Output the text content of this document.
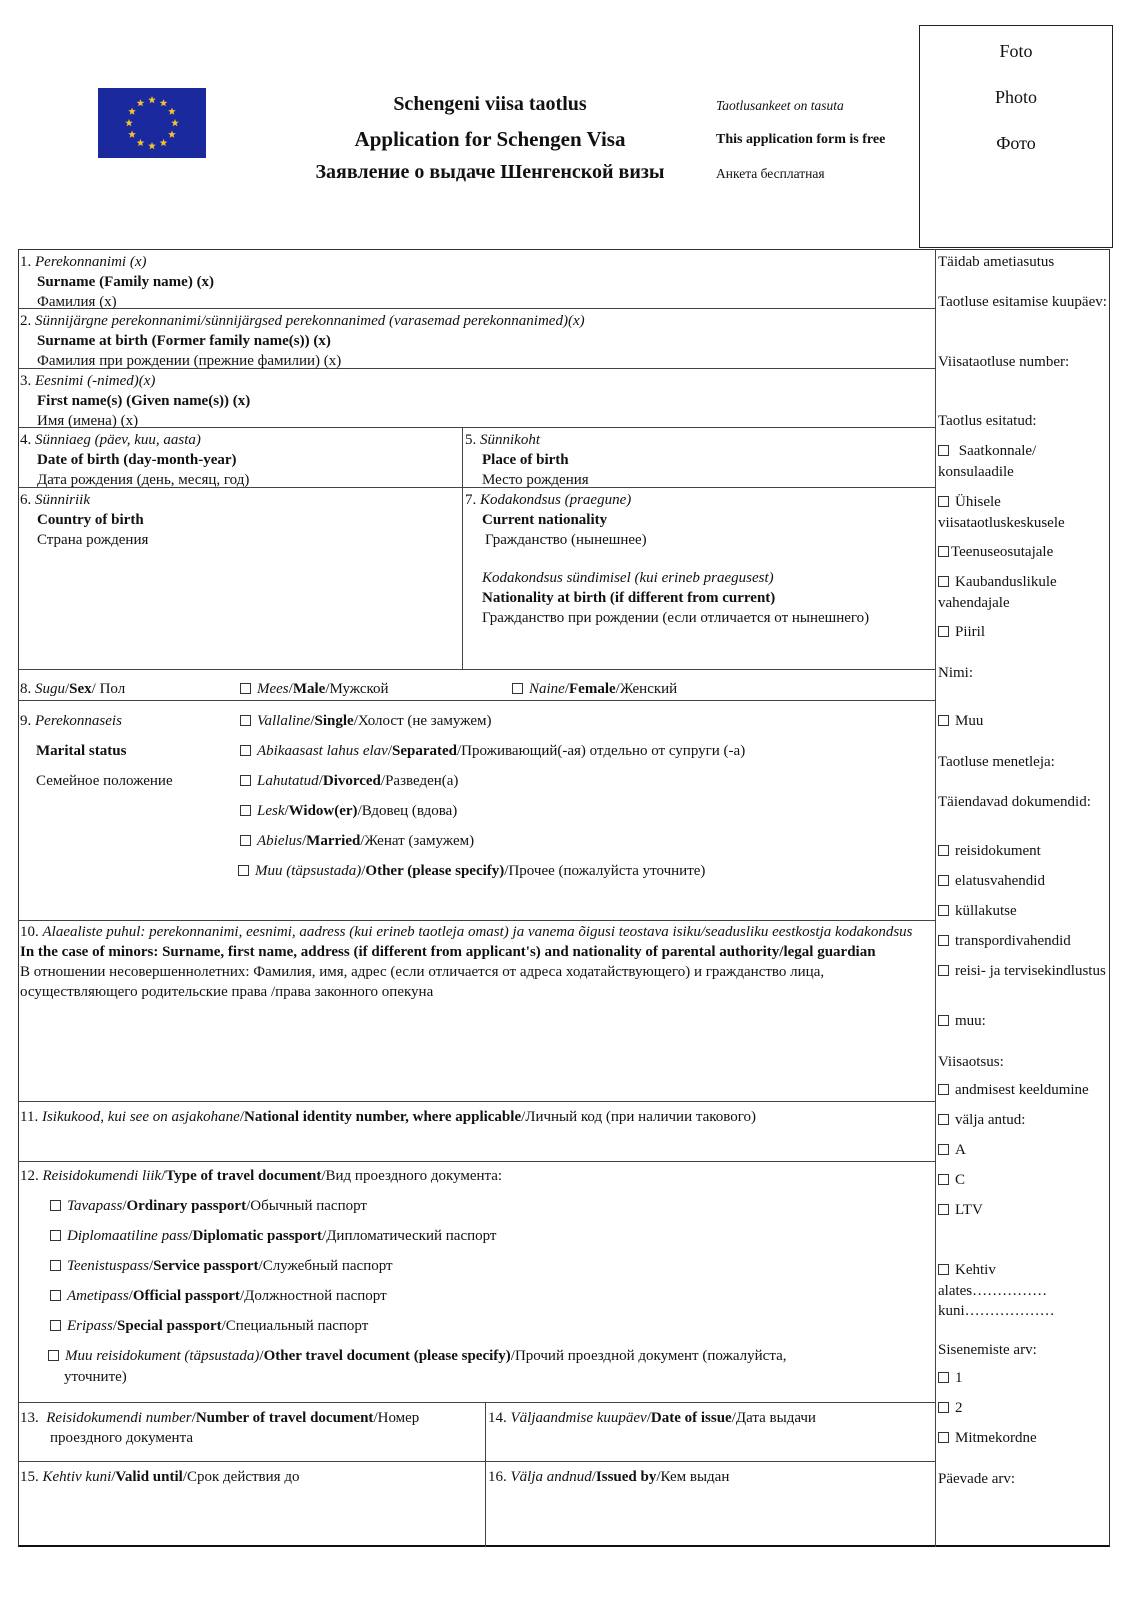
Schengeni viisa taotlus
Application for Schengen Visa
Заявление о выдаче Шенгенской визы
Taotlusankeet on tasuta
This application form is free
Анкета бесплатная
Foto
Photo
Фото
1. Perekonnanimi (x)
Surname (Family name) (x)
Фамилия (x)
2. Sünnijärgne perekonnanimi/sünnijärgsed perekonnanimed (varasemad perekonnanimed)(x)
Surname at birth (Former family name(s)) (x)
Фамилия при рождении (прежние фамилии) (x)
3. Eesnimi (-nimed)(x)
First name(s) (Given name(s)) (x)
Имя (имена) (x)
4. Sünniaeg (päev, kuu, aasta)
Date of birth (day-month-year)
Дата рождения (день, месяц, год)
5. Sünnikoht
Place of birth
Место рождения
6. Sünniriik
Country of birth
Страна рождения
7. Kodakondsus (praegune)
Current nationality
Гражданство (нынешнее)
Kodakondsus sündimisel (kui erineb praegusest)
Nationality at birth (if different from current)
Гражданство при рождении (если отличается от нынешнего)
8. Sugu/Sex/ Пол	Mees/Male/Мужской	Naine/Female/Женский
9. Perekonnaseis
Marital status
Семейное положение
Vallaline/Single/Холост (не замужем)
Abikaasast lahus elav/Separated/Проживающий(-ая) отдельно от супруги (-а)
Lahutatud/Divorced/Разведен(а)
Lesk/Widow(er)/Вдовец (вдова)
Abielus/Married/Женат (замужем)
Muu (täpsustada)/Other (please specify)/Прочее (пожалуйста уточните)
10. Alaealiste puhul: perekonnanimi, eesnimi, aadress (kui erineb taotleja omast) ja vanema õigusi teostava isiku/seadusliku eestkostja kodakondsus
In the case of minors: Surname, first name, address (if different from applicant's) and nationality of parental authority/legal guardian
В отношении несовершеннолетних: Фамилия, имя, адрес (если отличается от адреса ходатайствующего) и гражданство лица, осуществляющего родительские права /права законного опекуна
11. Isikukood, kui see on asjakohane/National identity number, where applicable/Личный код (при наличии такового)
12. Reisidokumendi liik/Type of travel document/Вид проездного документа:
Tavapass/Ordinary passport/Обычный паспорт
Diplomaatiline pass/Diplomatic passport/Дипломатический паспорт
Teenistuspass/Service passport/Служебный паспорт
Ametipass/Official passport/Должностной паспорт
Eripass/Special passport/Специальный паспорт
Muu reisidokument (täpsustada)/Other travel document (please specify)/Прочий проездной документ (пожалуйста,
уточните)
13. Reisidokumendi number/Number of travel document/Номер
проездного документа
14. Väljaandmise kuupäev/Date of issue/Дата выдачи
15. Kehtiv kuni/Valid until/Срок действия до	16. Välja andnud/Issued by/Кем выдан
Täidab ametiasutus
Taotluse esitamise kuupäev:
Viisataotluse number:
Taotlus esitatud:
Saatkonnale/ konsulaadile
Ühisele viisataotluskeskusele
Teenuseosutajale
Kaubanduslikule vahendajale
Piiril
Nimi:
Muu
Taotluse menetleja:
Täiendavad dokumendid:
reisidokument
elatusvahendid
küllakutse
transpordivahendid
reisi- ja tervisekindlustus
muu:
Viisaotsus:
andmisest keeldumine
välja antud:
A
C
LTV
Kehtiv
alates……………
kuni………………
Sisenemiste arv:
1
2
Mitmekordne
Päevade arv:
